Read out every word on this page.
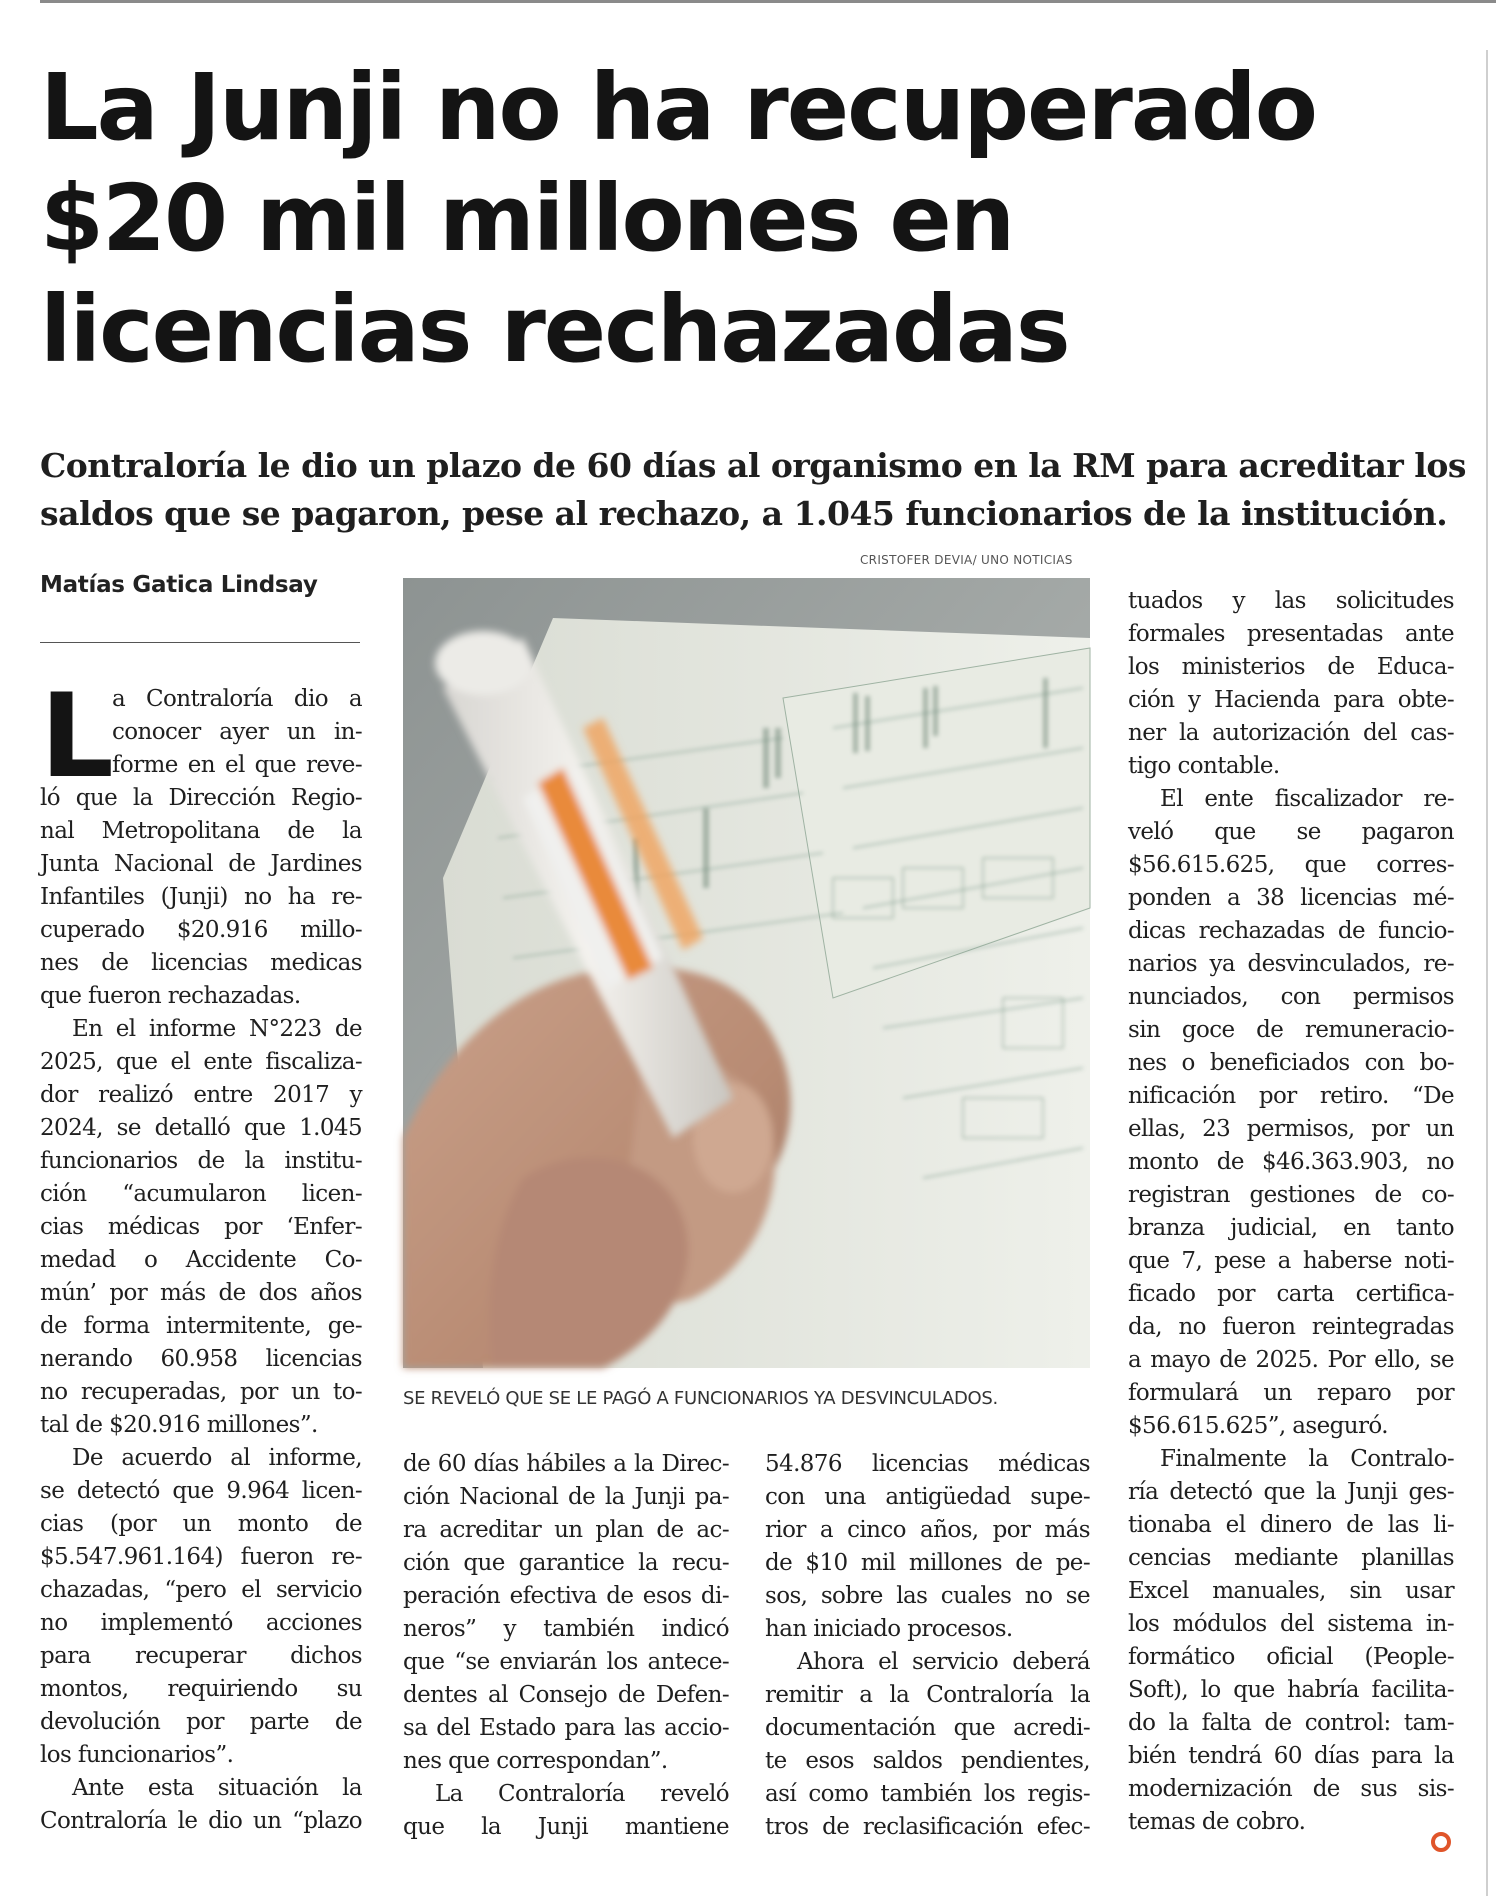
La Junji no ha recuperado
$20 mil millones en
licencias rechazadas
Contraloría le dio un plazo de 60 días al organismo en la RM para acreditar los
saldos que se pagaron, pese al rechazo, a 1.045 funcionarios de la institución.
Matías Gatica Lindsay
CRISTOFER DEVIA/ UNO NOTICIAS
SE REVELÓ QUE SE LE PAGÓ A FUNCIONARIOS YA DESVINCULADOS.
L
a Contraloría dio a
conocer ayer un in-
forme en el que reve-
ló que la Dirección Regio-
nal Metropolitana de la
Junta Nacional de Jardines
Infantiles (Junji) no ha re-
cuperado $20.916 millo-
nes de licencias medicas
que fueron rechazadas.
En el informe N°223 de
2025, que el ente fiscaliza-
dor realizó entre 2017 y
2024, se detalló que 1.045
funcionarios de la institu-
ción “acumularon licen-
cias médicas por ‘Enfer-
medad o Accidente Co-
mún’ por más de dos años
de forma intermitente, ge-
nerando 60.958 licencias
no recuperadas, por un to-
tal de $20.916 millones”.
De acuerdo al informe,
se detectó que 9.964 licen-
cias (por un monto de
$5.547.961.164) fueron re-
chazadas, “pero el servicio
no implementó acciones
para recuperar dichos
montos, requiriendo su
devolución por parte de
los funcionarios”.
Ante esta situación la
Contraloría le dio un “plazo
de 60 días hábiles a la Direc-
ción Nacional de la Junji pa-
ra acreditar un plan de ac-
ción que garantice la recu-
peración efectiva de esos di-
neros” y también indicó
que “se enviarán los antece-
dentes al Consejo de Defen-
sa del Estado para las accio-
nes que correspondan”.
La Contraloría reveló
que la Junji mantiene
54.876 licencias médicas
con una antigüedad supe-
rior a cinco años, por más
de $10 mil millones de pe-
sos, sobre las cuales no se
han iniciado procesos.
Ahora el servicio deberá
remitir a la Contraloría la
documentación que acredi-
te esos saldos pendientes,
así como también los regis-
tros de reclasificación efec-
tuados y las solicitudes
formales presentadas ante
los ministerios de Educa-
ción y Hacienda para obte-
ner la autorización del cas-
tigo contable.
El ente fiscalizador re-
veló que se pagaron
$56.615.625, que corres-
ponden a 38 licencias mé-
dicas rechazadas de funcio-
narios ya desvinculados, re-
nunciados, con permisos
sin goce de remuneracio-
nes o beneficiados con bo-
nificación por retiro. “De
ellas, 23 permisos, por un
monto de $46.363.903, no
registran gestiones de co-
branza judicial, en tanto
que 7, pese a haberse noti-
ficado por carta certifica-
da, no fueron reintegradas
a mayo de 2025. Por ello, se
formulará un reparo por
$56.615.625”, aseguró.
Finalmente la Contralo-
ría detectó que la Junji ges-
tionaba el dinero de las li-
cencias mediante planillas
Excel manuales, sin usar
los módulos del sistema in-
formático oficial (People-
Soft), lo que habría facilita-
do la falta de control: tam-
bién tendrá 60 días para la
modernización de sus sis-
temas de cobro.
